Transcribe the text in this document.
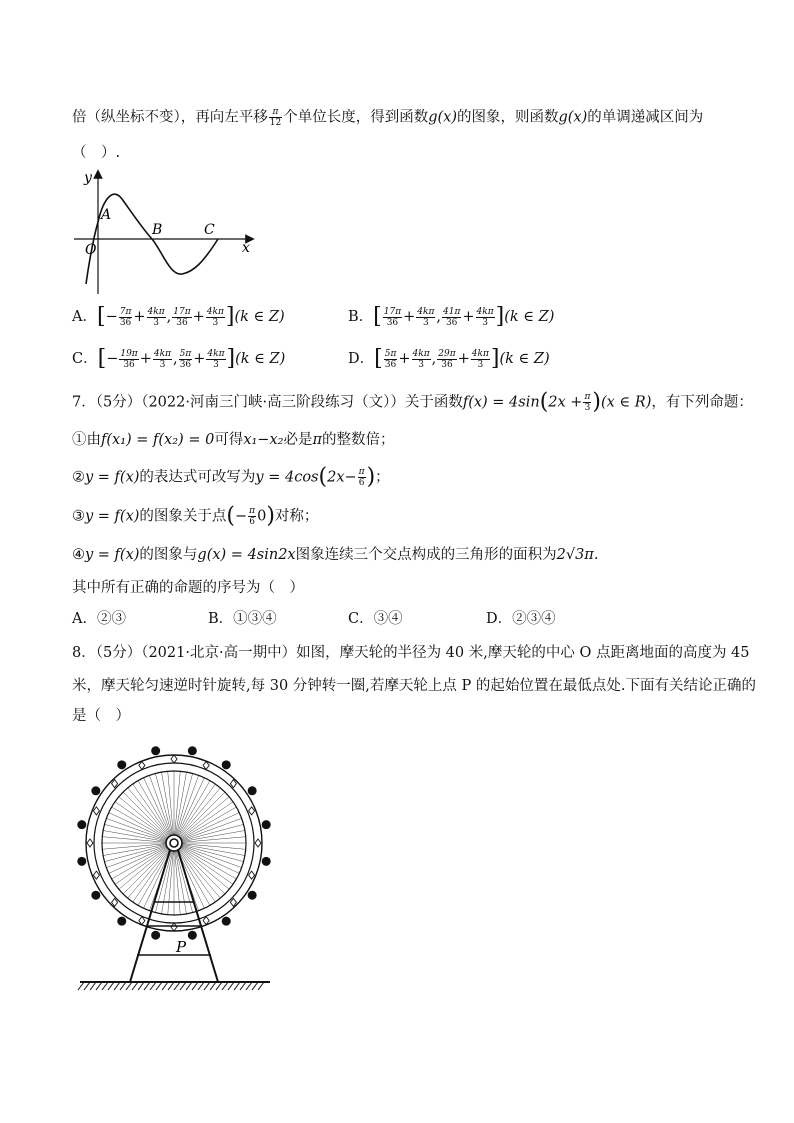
倍（纵坐标不变），再向左平移 $\frac{\pi}{12}$ 个单位长度，得到函数g(x)的图象，则函数g(x)的单调递减区间为
（　）.
y
x
O
A
B	C
A．[− $\frac{7\pi}{36} + \frac{4k\pi}{3}$ , $\frac{17\pi}{36} + \frac{4k\pi}{3} ](k$ ∈ Z)	B．[ $\frac{17\pi}{36} + \frac{4k\pi}{3}$ , $\frac{41\pi}{36} + \frac{4k\pi}{3} ](k$ ∈ Z)
C．[− $\frac{19\pi}{36} + \frac{4k\pi}{3}$ , $\frac{5\pi}{36} + \frac{4k\pi}{3} ](k$ ∈ Z)	D．[ $\frac{5\pi}{36} + \frac{4k\pi}{3}$ , $\frac{29\pi}{36} + \frac{4k\pi}{3} ](k$ ∈ Z)
7．（5分）（2022·河南三门峡·高三阶段练习（文））关于函数$f(x) = 4\sin(2x + \frac{\pi}{3} )(x$ ∈ R)，有下列命题：
①由f(x₁) = f(x₂) = 0可得x₁−x₂必是π的整数倍；
②y = f(x)的表达式可改写为$y = 4\cos(2x- \frac{\pi}{6}$ )；
③y = f(x)的图象关于点(− $\frac{\pi}{6} 0$)对称；
④y = f(x)的图象与g(x) = 4sin2x图象连续三个交点构成的三角形的面积为2√3π.
其中所有正确的命题的序号为（　）
A．②③	B．①③④	C．③④	D．②③④
8．（5分）（2021·北京·高一期中）如图，摩天轮的半径为 40 米,摩天轮的中心 O 点距离地面的高度为 45
米，摩天轮匀速逆时针旋转,每 30 分钟转一圈,若摩天轮上点 P 的起始位置在最低点处.下面有关结论正确的
是（　）
P
